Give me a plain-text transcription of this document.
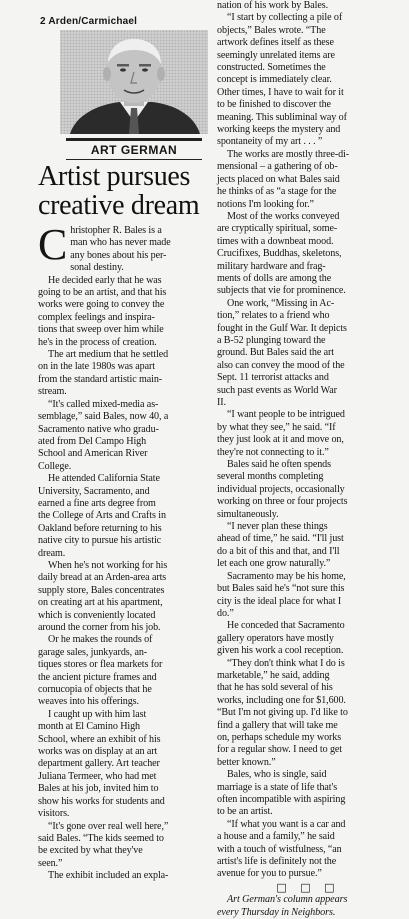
2 Arden/Carmichael
ART GERMAN
Artist pursues
creative dream

C hristopher R. Bales is a
man who has never made
any bones about his per-
sonal destiny.

He decided early that he was
going to be an artist, and that his
works were going to convey the
complex feelings and inspira-
tions that sweep over him while
he's in the process of creation.

The art medium that he settled
on in the late 1980s was apart
from the standard artistic main-
stream.

“It's called mixed-media as-
semblage,” said Bales, now 40, a
Sacramento native who gradu-
ated from Del Campo High
School and American River
College.

He attended California State
University, Sacramento, and
earned a fine arts degree from
the College of Arts and Crafts in
Oakland before returning to his
native city to pursue his artistic
dream.

When he's not working for his
daily bread at an Arden-area arts
supply store, Bales concentrates
on creating art at his apartment,
which is conveniently located
around the corner from his job.

Or he makes the rounds of
garage sales, junkyards, an-
tiques stores or flea markets for
the ancient picture frames and
cornucopia of objects that he
weaves into his offerings.

I caught up with him last
month at El Camino High
School, where an exhibit of his
works was on display at an art
department gallery. Art teacher
Juliana Termeer, who had met
Bales at his job, invited him to
show his works for students and
visitors.

“It's gone over real well here,”
said Bales. “The kids seemed to
be excited by what they've
seen.”

The exhibit included an expla-

nation of his work by Bales.

“I start by collecting a pile of
objects,” Bales wrote. “The
artwork defines itself as these
seemingly unrelated items are
constructed. Sometimes the
concept is immediately clear.
Other times, I have to wait for it
to be finished to discover the
meaning. This subliminal way of
working keeps the mystery and
spontaneity of my art . . . ”

The works are mostly three-di-
mensional – a gathering of ob-
jects placed on what Bales said
he thinks of as “a stage for the
notions I'm looking for.”

Most of the works conveyed
are cryptically spiritual, some-
times with a downbeat mood.
Crucifixes, Buddhas, skeletons,
military hardware and frag-
ments of dolls are among the
subjects that vie for prominence.

One work, “Missing in Ac-
tion,” relates to a friend who
fought in the Gulf War. It depicts
a B-52 plunging toward the
ground. But Bales said the art
also can convey the mood of the
Sept. 11 terrorist attacks and
such past events as World War
II.

“I want people to be intrigued
by what they see,” he said. “If
they just look at it and move on,
they're not connecting to it.”

Bales said he often spends
several months completing
individual projects, occasionally
working on three or four projects
simultaneously.

“I never plan these things
ahead of time,” he said. “I'll just
do a bit of this and that, and I'll
let each one grow naturally.”

Sacramento may be his home,
but Bales said he's “not sure this
city is the ideal place for what I
do.”

He conceded that Sacramento
gallery operators have mostly
given his work a cool reception.

“They don't think what I do is
marketable,” he said, adding
that he has sold several of his
works, including one for $1,600.
“But I'm not giving up. I'd like to
find a gallery that will take me
on, perhaps schedule my works
for a regular show. I need to get
better known.”

Bales, who is single, said
marriage is a state of life that's
often incompatible with aspiring
to be an artist.

“If what you want is a car and
a house and a family,” he said
with a touch of wistfulness, “an
artist's life is definitely not the
avenue for you to pursue.”

□ □ □
Art German's column appears
every Thursday in Neighbors.
